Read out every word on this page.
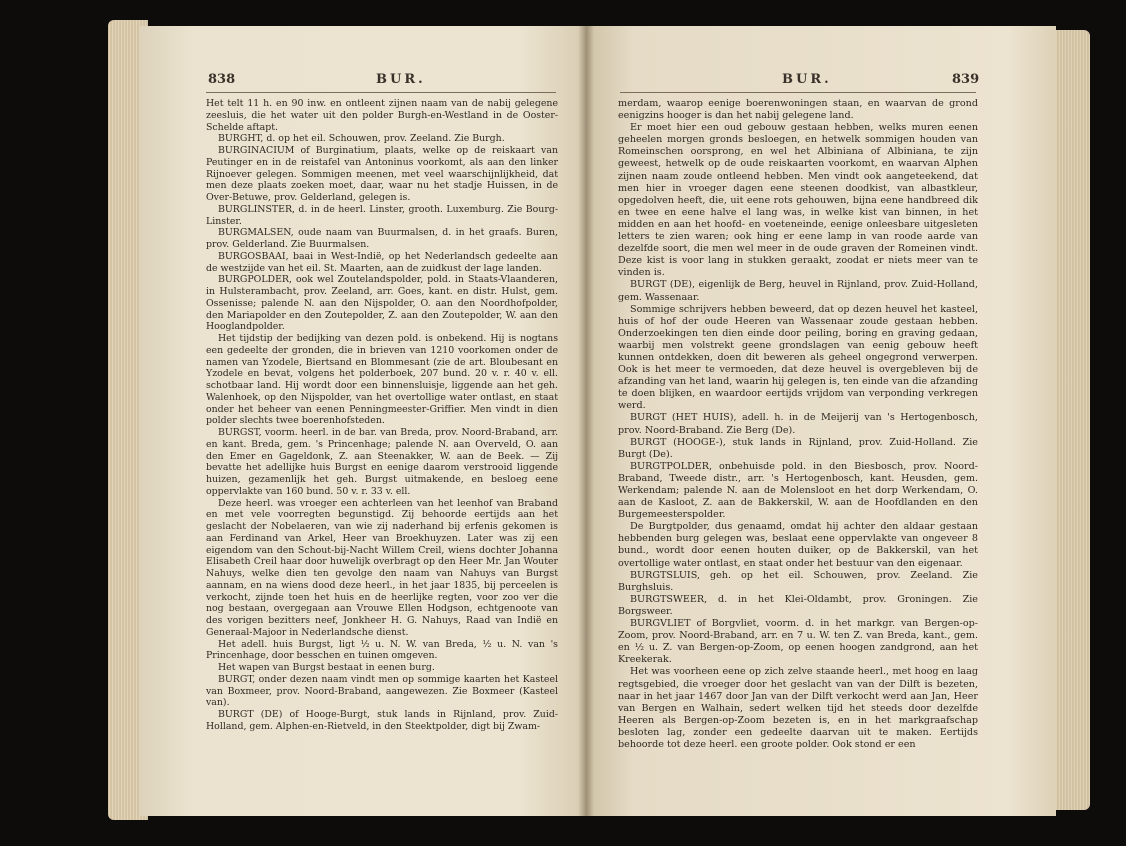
838	BUR.

Het telt 11 h. en 90 inw. en ontleent zijnen naam van de nabij gelegene zeesluis, die het water uit den polder Burgh-en-Westland in de Ooster-Schelde aftapt.

BURGHT, d. op het eil. Schouwen, prov. Zeeland. Zie Burgh.

BURGINACIUM of Burginatium, plaats, welke op de reiskaart van Peutinger en in de reistafel van Antoninus voorkomt, als aan den linker Rijnoever gelegen. Sommigen meenen, met veel waarschijnlijkheid, dat men deze plaats zoeken moet, daar, waar nu het stadje Huissen, in de Over-Betuwe, prov. Gelderland, gelegen is.

BURGLINSTER, d. in de heerl. Linster, grooth. Luxemburg. Zie Bourg-Linster.

BURGMALSEN, oude naam van Buurmalsen, d. in het graafs. Buren, prov. Gelderland. Zie Buurmalsen.

BURGOSBAAI, baai in West-Indië, op het Nederlandsch gedeelte aan de westzijde van het eil. St. Maarten, aan de zuidkust der lage landen.

BURGPOLDER, ook wel Zoutelandspolder, pold. in Staats-Vlaanderen, in Hulsterambacht, prov. Zeeland, arr. Goes, kant. en distr. Hulst, gem. Ossenisse; palende N. aan den Nijspolder, O. aan den Noordhofpolder, den Mariapolder en den Zoutepolder, Z. aan den Zoutepolder, W. aan den Hooglandpolder.

Het tijdstip der bedijking van dezen pold. is onbekend. Hij is nogtans een gedeelte der gronden, die in brieven van 1210 voorkomen onder de namen van Yzodele, Biertsand en Blommesant (zie de art. Bloubesant en Yzodele en bevat, volgens het polderboek, 207 bund. 20 v. r. 40 v. ell. schotbaar land. Hij wordt door een binnensluisje, liggende aan het geh. Walenhoek, op den Nijspolder, van het overtollige water ontlast, en staat onder het beheer van eenen Penningmeester-Griffier. Men vindt in dien polder slechts twee boerenhofsteden.

BURGST, voorm. heerl. in de bar. van Breda, prov. Noord-Braband, arr. en kant. Breda, gem. 's Princenhage; palende N. aan Overveld, O. aan den Emer en Gageldonk, Z. aan Steenakker, W. aan de Beek. — Zij bevatte het adellijke huis Burgst en eenige daarom verstrooid liggende huizen, gezamenlijk het geh. Burgst uitmakende, en besloeg eene oppervlakte van 160 bund. 50 v. r. 33 v. ell.

Deze heerl. was vroeger een achterleen van het leenhof van Braband en met vele voorregten begunstigd. Zij behoorde eertijds aan het geslacht der Nobelaeren, van wie zij naderhand bij erfenis gekomen is aan Ferdinand van Arkel, Heer van Broekhuyzen. Later was zij een eigendom van den Schout-bij-Nacht Willem Creil, wiens dochter Johanna Elisabeth Creil haar door huwelijk overbragt op den Heer Mr. Jan Wouter Nahuys, welke dien ten gevolge den naam van Nahuys van Burgst aannam, en na wiens dood deze heerl., in het jaar 1835, bij perceelen is verkocht, zijnde toen het huis en de heerlijke regten, voor zoo ver die nog bestaan, overgegaan aan Vrouwe Ellen Hodgson, echtgenoote van des vorigen bezitters neef, Jonkheer H. G. Nahuys, Raad van Indië en Generaal-Majoor in Nederlandsche dienst.

Het adell. huis Burgst, ligt ½ u. N. W. van Breda, ½ u. N. van 's Princenhage, door besschen en tuinen omgeven.

Het wapen van Burgst bestaat in eenen burg.

BURGT, onder dezen naam vindt men op sommige kaarten het Kasteel van Boxmeer, prov. Noord-Braband, aangewezen. Zie Boxmeer (Kasteel van).

BURGT (DE) of Hooge-Burgt, stuk lands in Rijnland, prov. Zuid-Holland, gem. Alphen-en-Rietveld, in den Steektpolder, digt bij Zwam-

BUR.	839

merdam, waarop eenige boerenwoningen staan, en waarvan de grond eenigzins hooger is dan het nabij gelegene land.

Er moet hier een oud gebouw gestaan hebben, welks muren eenen geheelen morgen gronds besloegen, en hetwelk sommigen houden van Romeinschen oorsprong, en wel het Albiniana of Albiniana, te zijn geweest, hetwelk op de oude reiskaarten voorkomt, en waarvan Alphen zijnen naam zoude ontleend hebben. Men vindt ook aangeteekend, dat men hier in vroeger dagen eene steenen doodkist, van albastkleur, opgedolven heeft, die, uit eene rots gehouwen, bijna eene handbreed dik en twee en eene halve el lang was, in welke kist van binnen, in het midden en aan het hoofd- en voeteneinde, eenige onleesbare uitgesleten letters te zien waren; ook hing er eene lamp in van roode aarde van dezelfde soort, die men wel meer in de oude graven der Romeinen vindt. Deze kist is voor lang in stukken geraakt, zoodat er niets meer van te vinden is.

BURGT (DE), eigenlijk de Berg, heuvel in Rijnland, prov. Zuid-Holland, gem. Wassenaar.

Sommige schrijvers hebben beweerd, dat op dezen heuvel het kasteel, huis of hof der oude Heeren van Wassenaar zoude gestaan hebben. Onderzoekingen ten dien einde door peiling, boring en graving gedaan, waarbij men volstrekt geene grondslagen van eenig gebouw heeft kunnen ontdekken, doen dit beweren als geheel ongegrond verwerpen. Ook is het meer te vermoeden, dat deze heuvel is overgebleven bij de afzanding van het land, waarin hij gelegen is, ten einde van die afzanding te doen blijken, en waardoor eertijds vrijdom van verponding verkregen werd.

BURGT (HET HUIS), adell. h. in de Meijerij van 's Hertogenbosch, prov. Noord-Braband. Zie Berg (De).

BURGT (HOOGE-), stuk lands in Rijnland, prov. Zuid-Holland. Zie Burgt (De).

BURGTPOLDER, onbehuisde pold. in den Biesbosch, prov. Noord-Braband, Tweede distr., arr. 's Hertogenbosch, kant. Heusden, gem. Werkendam; palende N. aan de Molensloot en het dorp Werkendam, O. aan de Kasloot, Z. aan de Bakkerskil, W. aan de Hoofdlanden en den Burgemeesterspolder.

De Burgtpolder, dus genaamd, omdat hij achter den aldaar gestaan hebbenden burg gelegen was, beslaat eene oppervlakte van ongeveer 8 bund., wordt door eenen houten duiker, op de Bakkerskil, van het overtollige water ontlast, en staat onder het bestuur van den eigenaar.

BURGTSLUIS, geh. op het eil. Schouwen, prov. Zeeland. Zie Burghsluis.

BURGTSWEER, d. in het Klei-Oldambt, prov. Groningen. Zie Borgsweer.

BURGVLIET of Borgvliet, voorm. d. in het markgr. van Bergen-op-Zoom, prov. Noord-Braband, arr. en 7 u. W. ten Z. van Breda, kant., gem. en ½ u. Z. van Bergen-op-Zoom, op eenen hoogen zandgrond, aan het Kreekerak.

Het was voorheen eene op zich zelve staande heerl., met hoog en laag regtsgebied, die vroeger door het geslacht van van der Dilft is bezeten, naar in het jaar 1467 door Jan van der Dilft verkocht werd aan Jan, Heer van Bergen en Walhain, sedert welken tijd het steeds door dezelfde Heeren als Bergen-op-Zoom bezeten is, en in het markgraafschap besloten lag, zonder een gedeelte daarvan uit te maken. Eertijds behoorde tot deze heerl. een groote polder. Ook stond er een
